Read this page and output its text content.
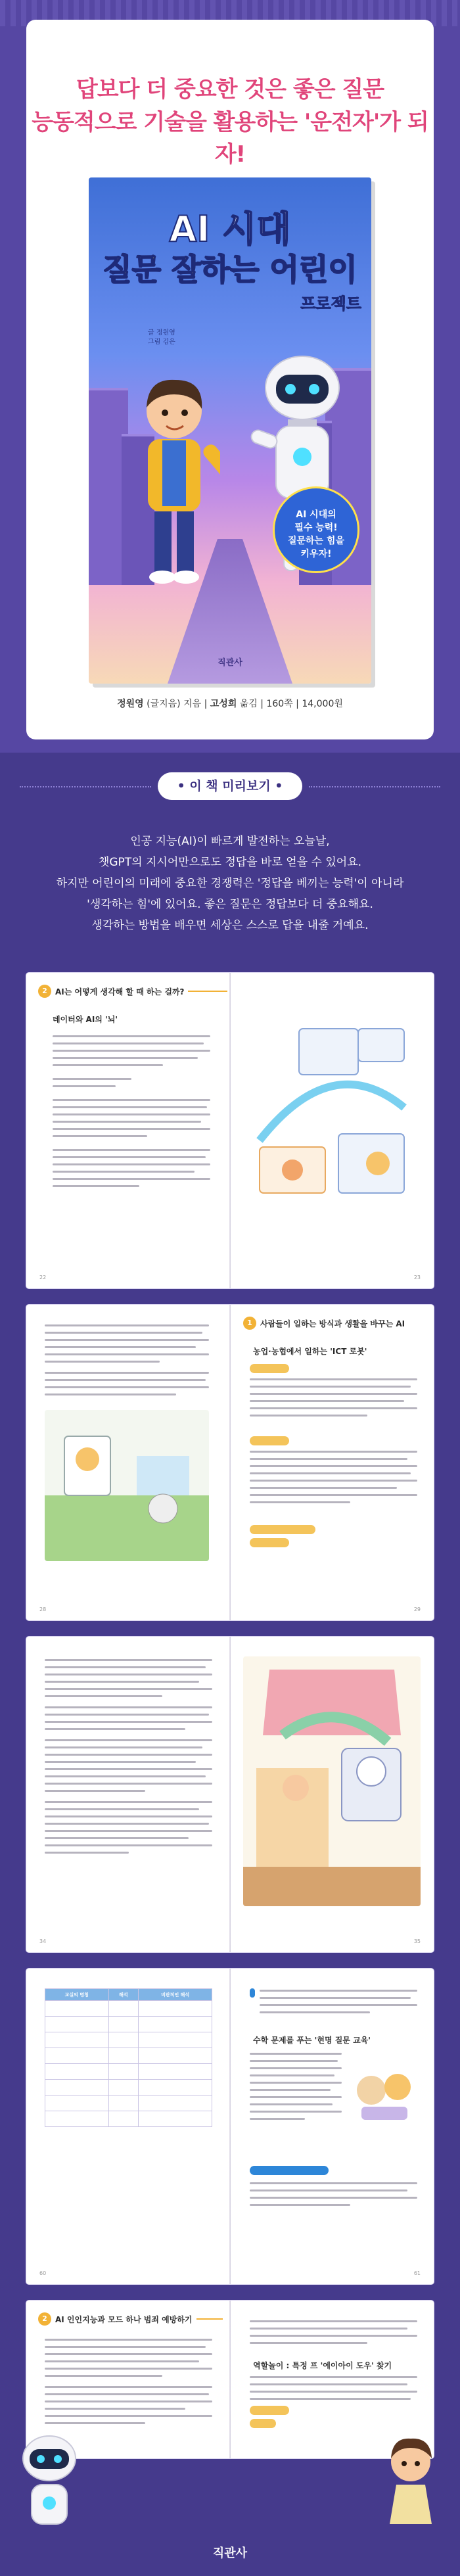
답보다 더 중요한 것은 좋은 질문
능동적으로 기술을 활용하는 '운전자'가 되자!
AI 시대
질문 잘하는 어린이
프로젝트
글 정원영
그림 김은
AI 시대의
필수 능력!
질문하는 힘을
키우자!
직관사
정원영 (글지음) 지음 | 고성희 옮김 | 160쪽 | 14,000원
• 이 책 미리보기 •

인공 지능(AI)이 빠르게 발전하는 오늘날,

챗GPT의 지시어만으로도 정답을 바로 얻을 수 있어요.

하지만 어린이의 미래에 중요한 경쟁력은 '정답을 베끼는 능력'이 아니라

'생각하는 힘'에 있어요. 좋은 질문은 정답보다 더 중요해요.

생각하는 방법을 배우면 세상은 스스로 답을 내줄 거예요.

2	AI는 어떻게 생각해 할 때 하는 걸까?
데이터와 AI의 '뇌'
22	23
1	사람들이 일하는 방식과 생활을 바꾸는 AI
농업·농협에서 일하는 'ICT 로봇'
28	29
34	35
교실의 명칭	해석	비판적인 해석

수학 문제를 푸는 '현명 질문 교육'
60	61
2	AI 인인지능과 모드 하나 범죄 예방하기
역할놀이 : 특정 프 '에이아이 도우' 찾기
직관사
